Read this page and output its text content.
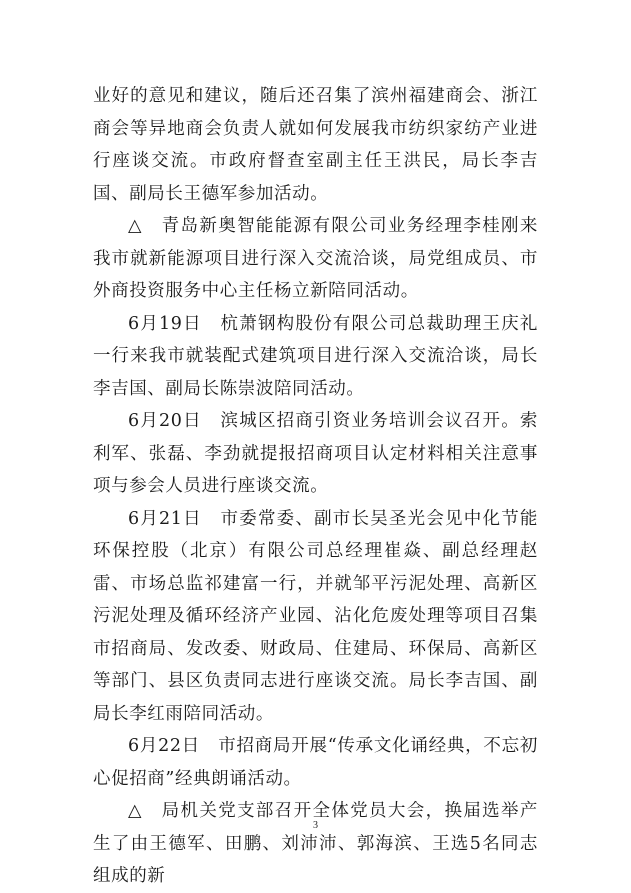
业好的意见和建议，随后还召集了滨州福建商会、浙江商会等异地商会负责人就如何发展我市纺织家纺产业进行座谈交流。市政府督查室副主任王洪民，局长李吉国、副局长王德军参加活动。

△　青岛新奥智能能源有限公司业务经理李桂刚来我市就新能源项目进行深入交流洽谈，局党组成员、市外商投资服务中心主任杨立新陪同活动。

6月19日　杭萧钢构股份有限公司总裁助理王庆礼一行来我市就装配式建筑项目进行深入交流洽谈，局长李吉国、副局长陈崇波陪同活动。

6月20日　滨城区招商引资业务培训会议召开。索利军、张磊、李劲就提报招商项目认定材料相关注意事项与参会人员进行座谈交流。

6月21日　市委常委、副市长吴圣光会见中化节能环保控股（北京）有限公司总经理崔焱、副总经理赵雷、市场总监祁建富一行，并就邹平污泥处理、高新区污泥处理及循环经济产业园、沾化危废处理等项目召集市招商局、发改委、财政局、住建局、环保局、高新区等部门、县区负责同志进行座谈交流。局长李吉国、副局长李红雨陪同活动。

6月22日　市招商局开展“传承文化诵经典，不忘初心促招商”经典朗诵活动。

△　局机关党支部召开全体党员大会，换届选举产生了由王德军、田鹏、刘沛沛、郭海滨、王选5名同志组成的新

3
